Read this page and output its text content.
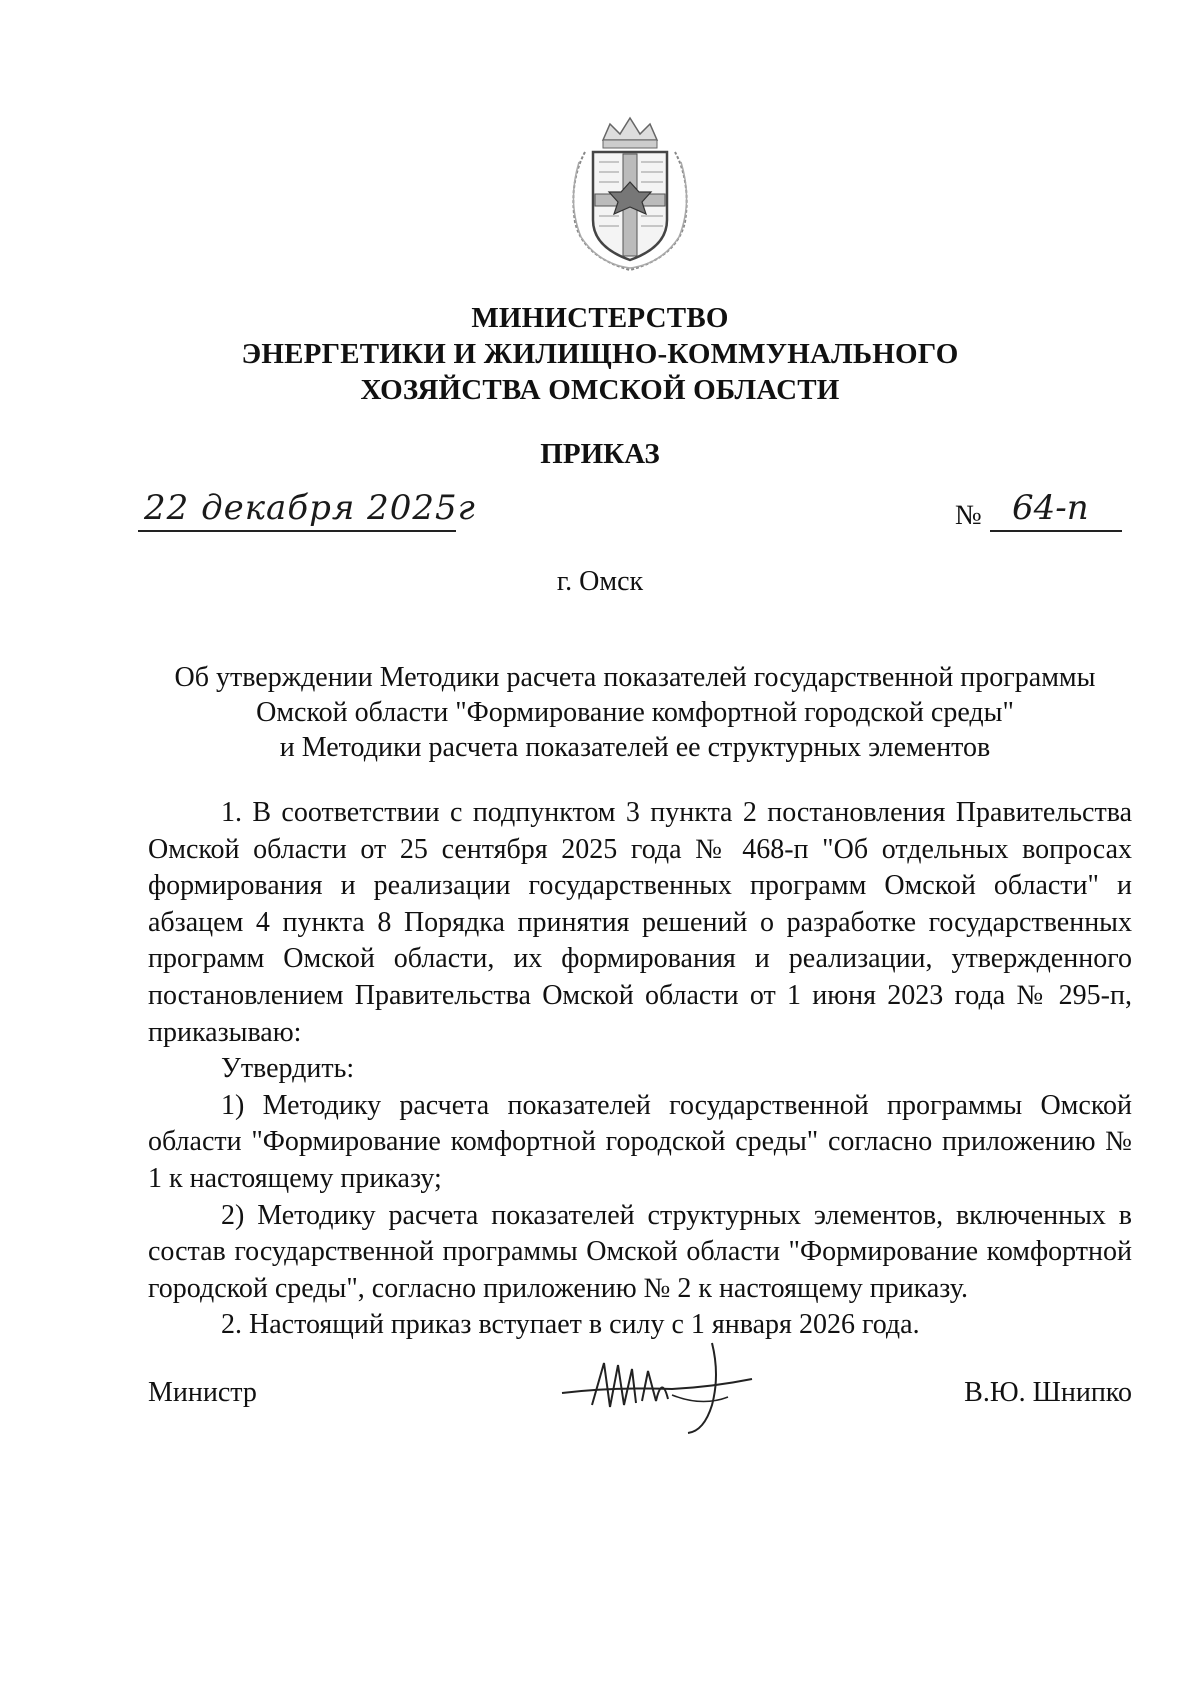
МИНИСТЕРСТВО
ЭНЕРГЕТИКИ И ЖИЛИЩНО-КОММУНАЛЬНОГО
ХОЗЯЙСТВА ОМСКОЙ ОБЛАСТИ
ПРИКАЗ
22 декабря 2025г	№ 64-п
г. Омск
Об утверждении Методики расчета показателей государственной программы
Омской области "Формирование комфортной городской среды"
и Методики расчета показателей ее структурных элементов

1. В соответствии с подпунктом 3 пункта 2 постановления Правительства Омской области от 25 сентября 2025 года № 468-п "Об отдельных вопросах формирования и реализации государственных программ Омской области" и абзацем 4 пункта 8 Порядка принятия решений о разработке государственных программ Омской области, их формирования и реализации, утвержденного постановлением Правительства Омской области от 1 июня 2023 года № 295-п, приказываю:

Утвердить:

1) Методику расчета показателей государственной программы Омской области "Формирование комфортной городской среды" согласно приложению № 1 к настоящему приказу;

2) Методику расчета показателей структурных элементов, включенных в состав государственной программы Омской области "Формирование комфортной городской среды", согласно приложению № 2 к настоящему приказу.

2. Настоящий приказ вступает в силу с 1 января 2026 года.

Министр	В.Ю. Шнипко
